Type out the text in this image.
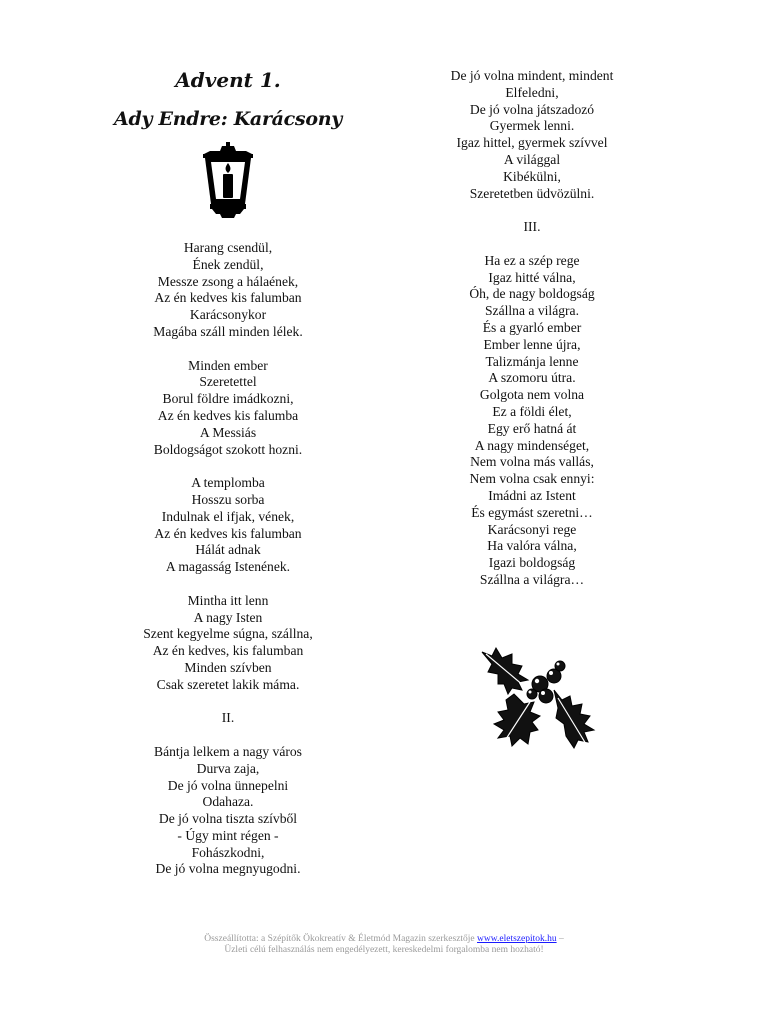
Advent 1.
Ady Endre: Karácsony
Harang csendül,
Ének zendül,
Messze zsong a hálaének,
Az én kedves kis falumban
Karácsonykor
Magába száll minden lélek.
Minden ember
Szeretettel
Borul földre imádkozni,
Az én kedves kis falumba
A Messiás
Boldogságot szokott hozni.
A templomba
Hosszu sorba
Indulnak el ifjak, vének,
Az én kedves kis falumban
Hálát adnak
A magasság Istenének.
Mintha itt lenn
A nagy Isten
Szent kegyelme súgna, szállna,
Az én kedves, kis falumban
Minden szívben
Csak szeretet lakik máma.
II.
Bántja lelkem a nagy város
Durva zaja,
De jó volna ünnepelni
Odahaza.
De jó volna tiszta szívből
- Úgy mint régen -
Fohászkodni,
De jó volna megnyugodni.
De jó volna mindent, mindent
Elfeledni,
De jó volna játszadozó
Gyermek lenni.
Igaz hittel, gyermek szívvel
A világgal
Kibékülni,
Szeretetben üdvözülni.
III.
Ha ez a szép rege
Igaz hitté válna,
Óh, de nagy boldogság
Szállna a világra.
És a gyarló ember
Ember lenne újra,
Talizmánja lenne
A szomoru útra.
Golgota nem volna
Ez a földi élet,
Egy erő hatná át
A nagy mindenséget,
Nem volna más vallás,
Nem volna csak ennyi:
Imádni az Istent
És egymást szeretni…
Karácsonyi rege
Ha valóra válna,
Igazi boldogság
Szállna a világra…
Összeállította: a Szépítők Ökokreatív & Életmód Magazin szerkesztője www.eletszepitok.hu –
Üzleti célú felhasználás nem engedélyezett, kereskedelmi forgalomba nem hozható!
